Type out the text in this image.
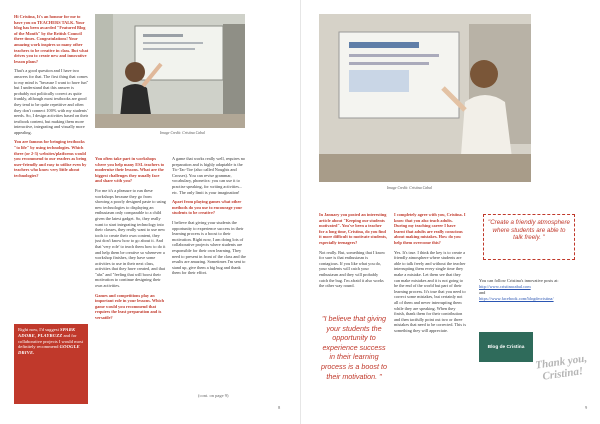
Hi Cristina, It's an honour for me to have you on TEACHERS TALK. Your blog has been awarded "Featured Blog of the Month" by the British Council three times. Congratulations! Your amazing work inspires so many other teachers to be creative in class. But what drives you to create new and innovative lesson plans?
That's a good question and I have two answers for that. The first thing that comes to my mind is "because I want to have fun" but I understand that this answer is probably not politically correct as quite frankly, although most textbooks are good they tend to be quite repetitive and often they don't connect 100% with my students' needs. So, I design activities based on their textbook content, but making them more interactive, integrating and visually more appealing.
You are famous for bringing textbooks "to life" by using technologies. Which three (or 2-3) websites/platforms would you recommend to our readers as being user-friendly and easy to utilise even by teachers who know very little about technologies?
Right now, I'd suggest SPARK ADOBE, PLAYBUZZ and for collaborative projects I would most definitely recommend GOOGLE DRIVE.
Image Credit: Cristina Cabal
You often take part in workshops where you help many ESL teachers to modernise their lessons. What are the biggest challenges they usually face and share with you?
For me it's a pleasure to run these workshops because they go from showing a poorly designed paste to using new technologies to displaying an enthusiasm only comparable to a child given the latest gadget. So, they really want to start integrating technology into their classes, they really want to use new tools to create their own content, they just don't know how to go about it. And that 'very role' to teach them how to do it and help them be creative so whenever a workshop finishes, they have some activities to use in their next class, activities that they have created, and that "ahs" and "feeling that will boost their motivation to continue designing their own activities.
Games and competitions play an important role in your lessons. Which game would you recommend that requires the least preparation and is versatile?
A game that works really well, requires no preparation and is highly adaptable is the Tic-Tac-Toe (also called Noughts and Crosses). You can revise grammar, vocabulary, phonetics: you can use it to practise speaking, for writing activities... etc. The only limit is your imagination!
Apart from playing games what other methods do you use to encourage your students to be creative?
I believe that giving your students the opportunity to experience success in their learning process is a boost to their motivation. Right now, I am doing lots of collaborative projects where students are responsible for their own learning. They need to present in front of the class and the results are amazing. Sometimes I'm sent to stand up, give them a big hug and thank them for their effort.
(cont. on page 9)
8
Image Credit: Cristina Cabal
In January you posted an interesting article about "Keeping our students motivated". You've been a teacher for a long time, Cristina, do you find it more difficult to motivate students, especially teenagers?
Not really. But, something that I know for sure is that enthusiasm is contagious. If you like what you do, your students will catch your enthusiasm and they will probably catch the bug. I'm afraid it also works the other way round.
"I believe that giving your students the opportunity to experience success in their learning process is a boost to their motivation. "
I completely agree with you, Cristina. I know that you also teach adults. During my teaching career I have learnt that adults are really conscious about making mistakes. How do you help them overcome this?
Yes. It's true. I think the key is to create a friendly atmosphere where students are able to talk freely and without the teacher interrupting them every single time they make a mistake. Let them see that they can make mistakes and it is not going to be the end of the world but part of their learning process. It's true that you need to correct some mistakes, but certainly not all of them and never interrupting them while they are speaking. When they finish, thank them for their contribution and then tactfully point out two or three mistakes that need to be corrected. This is something they will appreciate.
"Create a friendly atmosphere where students are able to talk freely. "
You can follow Cristina's innovative posts at:
http://www.cristinacabal.com
and
https://www.facebook.com/blogdecristina/
Blog de Cristina
Thank you, Cristina!
9
